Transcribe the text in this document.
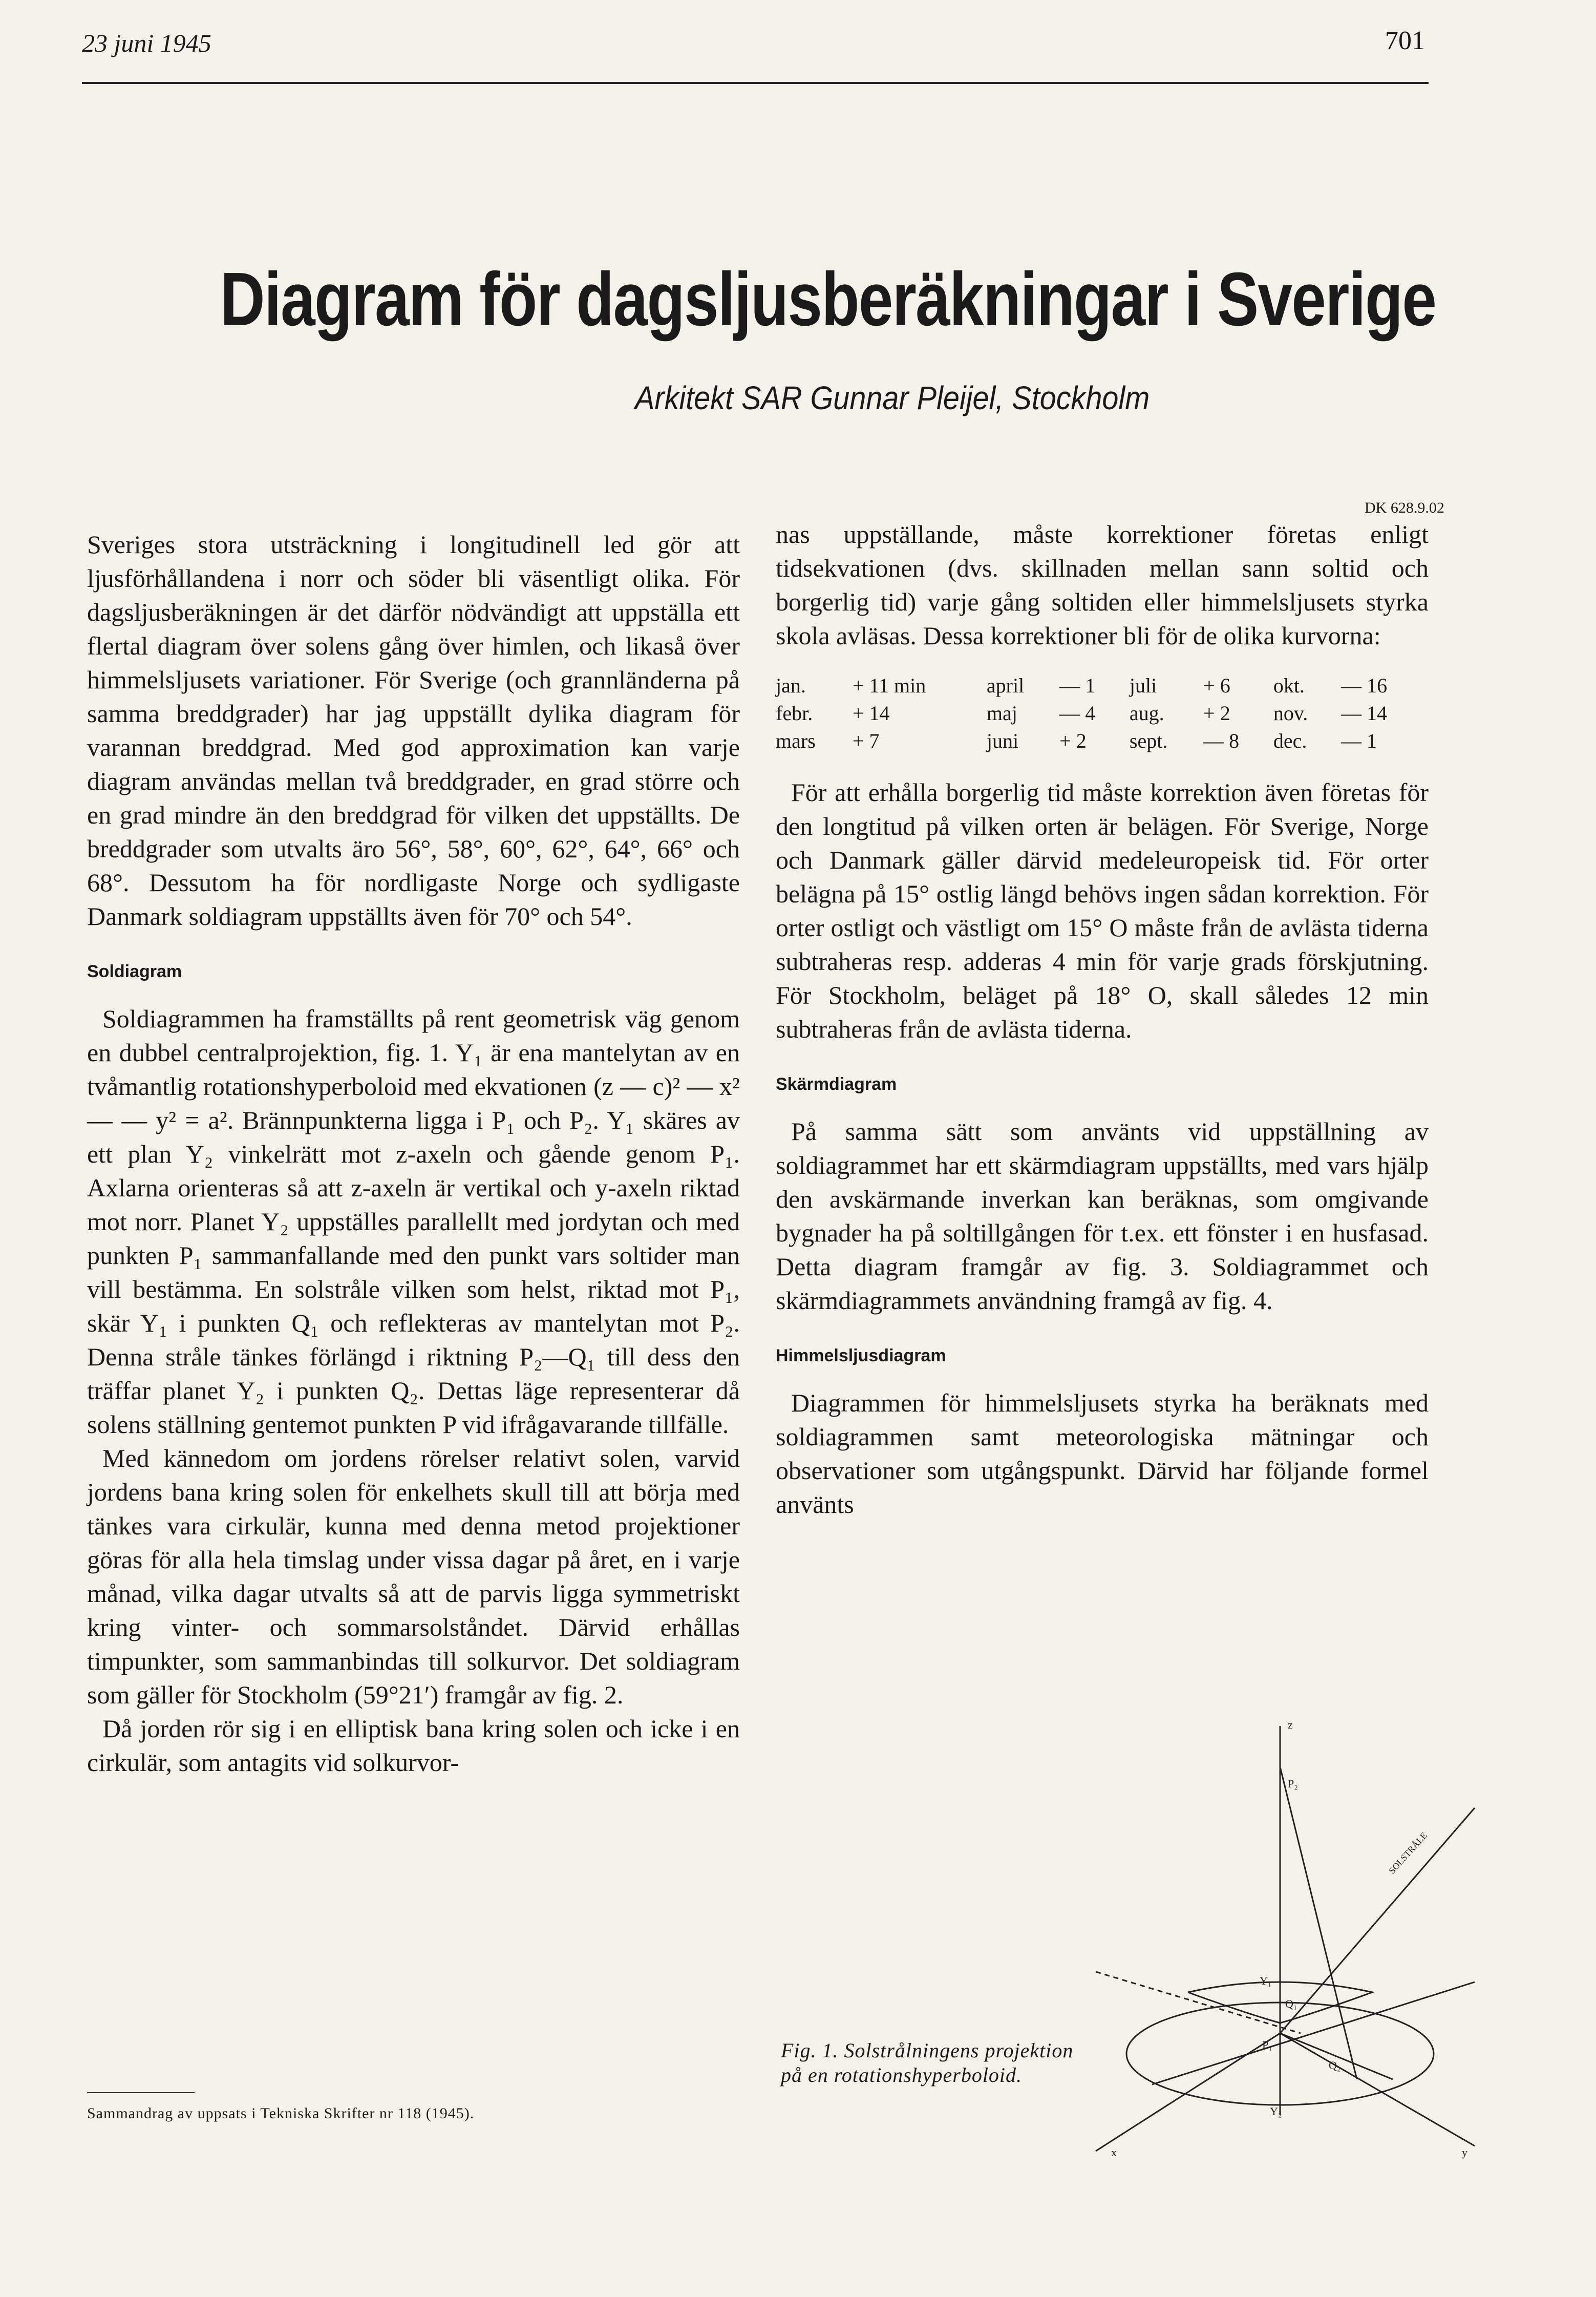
23 juni 1945	701
Diagram för dagsljusberäkningar i Sverige
Arkitekt SAR Gunnar Pleijel, Stockholm
DK 628.9.02

Sveriges stora utsträckning i longitudinell led gör att ljusförhållandena i norr och söder bli väsentligt olika. För dagsljusberäkningen är det därför nödvändigt att uppställa ett flertal diagram över solens gång över himlen, och likaså över himmelsljusets variationer. För Sverige (och grannländerna på samma breddgrader) har jag uppställt dylika diagram för varannan breddgrad. Med god approximation kan varje diagram användas mellan två breddgrader, en grad större och en grad mindre än den breddgrad för vilken det uppställts. De breddgrader som utvalts äro 56°, 58°, 60°, 62°, 64°, 66° och 68°. Dessutom ha för nordligaste Norge och sydligaste Danmark soldiagram uppställts även för 70° och 54°.

Soldiagram

Soldiagrammen ha framställts på rent geometrisk väg genom en dubbel centralprojektion, fig. 1. Y₁ är ena mantelytan av en tvåmantlig rotationshyperboloid med ekvationen (z — c)² — x² — — y² = a². Brännpunkterna ligga i P₁ och P₂. Y₁ skäres av ett plan Y₂ vinkelrätt mot z-axeln och gående genom P₁. Axlarna orienteras så att z-axeln är vertikal och y-axeln riktad mot norr. Planet Y₂ uppställes parallellt med jordytan och med punkten P₁ sammanfallande med den punkt vars soltider man vill bestämma. En solstråle vilken som helst, riktad mot P₁, skär Y₁ i punkten Q₁ och reflekteras av mantelytan mot P₂. Denna stråle tänkes förlängd i riktning P₂—Q₁ till dess den träffar planet Y₂ i punkten Q₂. Dettas läge representerar då solens ställning gentemot punkten P vid ifrågavarande tillfälle.

Med kännedom om jordens rörelser relativt solen, varvid jordens bana kring solen för enkelhets skull till att börja med tänkes vara cirkulär, kunna med denna metod projektioner göras för alla hela timslag under vissa dagar på året, en i varje månad, vilka dagar utvalts så att de parvis ligga symmetriskt kring vinter- och sommarsolståndet. Därvid erhållas timpunkter, som sammanbindas till solkurvor. Det soldiagram som gäller för Stockholm (59°21′) framgår av fig. 2.

Då jorden rör sig i en elliptisk bana kring solen och icke i en cirkulär, som antagits vid solkurvor-

nas uppställande, måste korrektioner företas enligt tidsekvationen (dvs. skillnaden mellan sann soltid och borgerlig tid) varje gång soltiden eller himmelsljusets styrka skola avläsas. Dessa korrektioner bli för de olika kurvorna:

jan.	+ 11 min	april	— 1	juli	+ 6	okt.	— 16
febr.	+ 14	maj	— 4	aug.	+ 2	nov.	— 14
mars	+ 7	juni	+ 2	sept.	— 8	dec.	— 1

För att erhålla borgerlig tid måste korrektion även företas för den longtitud på vilken orten är belägen. För Sverige, Norge och Danmark gäller därvid medeleuropeisk tid. För orter belägna på 15° ostlig längd behövs ingen sådan korrektion. För orter ostligt och västligt om 15° O måste från de avlästa tiderna subtraheras resp. adderas 4 min för varje grads förskjutning. För Stockholm, beläget på 18° O, skall således 12 min subtraheras från de avlästa tiderna.

Skärmdiagram

På samma sätt som använts vid uppställning av soldiagrammet har ett skärmdiagram uppställts, med vars hjälp den avskärmande inverkan kan beräknas, som omgivande bygnader ha på soltillgången för t.ex. ett fönster i en husfasad. Detta diagram framgår av fig. 3. Soldiagrammet och skärmdiagrammets användning framgå av fig. 4.

Himmelsljusdiagram

Diagrammen för himmelsljusets styrka ha beräknats med soldiagrammen samt meteorologiska mätningar och observationer som utgångspunkt. Därvid har följande formel använts

z
P₂
SOLSTRÅLE
Y₁
Q₁
P₁
Q₂
Y₂
x	y
Fig. 1. Solstrålningens projektion på en rotationshyperboloid.
Sammandrag av uppsats i Tekniska Skrifter nr 118 (1945).
